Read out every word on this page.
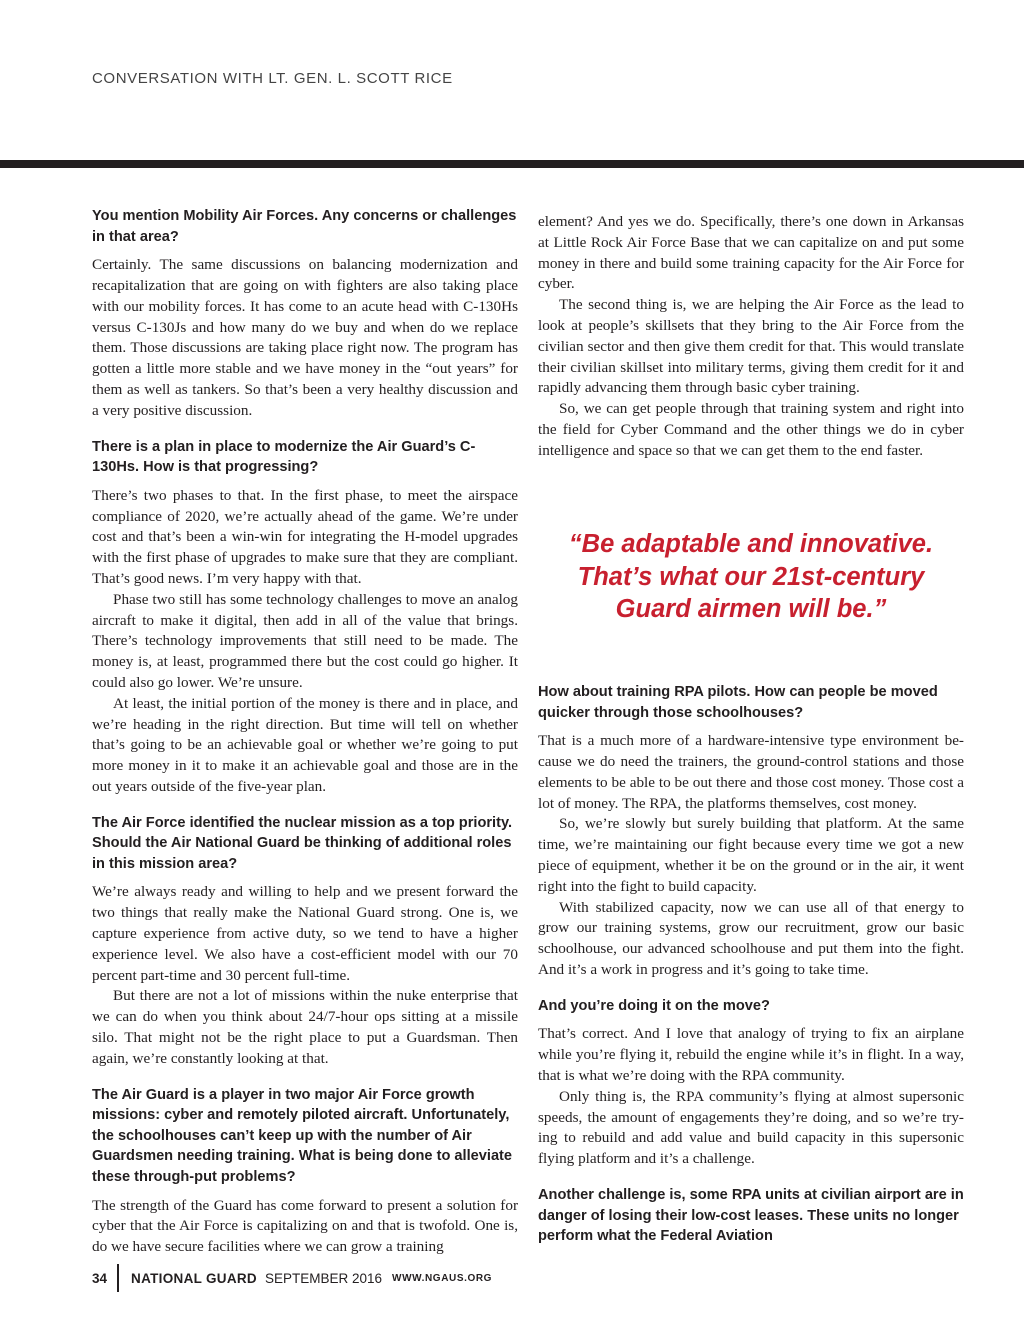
CONVERSATION WITH LT. GEN. L. SCOTT RICE
You mention Mobility Air Forces. Any concerns or challenges in that area?

Certainly. The same discussions on balancing modernization and recapitalization that are going on with fighters are also taking place with our mobility forces. It has come to an acute head with C-130Hs versus C-130Js and how many do we buy and when do we replace them. Those discussions are taking place right now. The program has gotten a little more stable and we have money in the “out years” for them as well as tankers. So that’s been a very healthy discussion and a very positive discussion.

There is a plan in place to modernize the Air Guard’s C-130Hs. How is that progressing?

There’s two phases to that. In the first phase, to meet the airspace compliance of 2020, we’re actually ahead of the game. We’re under cost and that’s been a win-win for integrating the H-model upgrades with the first phase of upgrades to make sure that they are compliant. That’s good news. I’m very happy with that.

Phase two still has some technology challenges to move an analog aircraft to make it digital, then add in all of the value that brings. There’s technology improvements that still need to be made. The money is, at least, programmed there but the cost could go higher. It could also go lower. We’re unsure.

At least, the initial portion of the money is there and in place, and we’re heading in the right direction. But time will tell on whether that’s going to be an achievable goal or whether we’re going to put more money in it to make it an achievable goal and those are in the out years outside of the five-year plan.

The Air Force identified the nuclear mission as a top priority. Should the Air National Guard be thinking of additional roles in this mission area?

We’re always ready and willing to help and we present forward the two things that really make the National Guard strong. One is, we capture experience from active duty, so we tend to have a higher experience level. We also have a cost-efficient model with our 70 percent part-time and 30 percent full-time.

But there are not a lot of missions within the nuke enterprise that we can do when you think about 24/7-hour ops sitting at a missile silo. That might not be the right place to put a Guardsman. Then again, we’re constantly looking at that.

The Air Guard is a player in two major Air Force growth missions: cyber and remotely piloted aircraft. Unfortunately, the schoolhouses can’t keep up with the number of Air Guardsmen needing training. What is being done to alleviate these through-put problems?

The strength of the Guard has come forward to present a solution for cyber that the Air Force is capitalizing on and that is twofold. One is, do we have secure facilities where we can grow a training

element? And yes we do. Specifically, there’s one down in Arkansas at Little Rock Air Force Base that we can capitalize on and put some money in there and build some training capacity for the Air Force for cyber.

The second thing is, we are helping the Air Force as the lead to look at people’s skillsets that they bring to the Air Force from the civilian sector and then give them credit for that. This would translate their civilian skillset into military terms, giving them credit for it and rapidly advancing them through basic cyber training.

So, we can get people through that training system and right into the field for Cyber Command and the other things we do in cyber intelligence and space so that we can get them to the end faster.

“Be adaptable and innovative.
That’s what our 21st-century
Guard airmen will be.”
How about training RPA pilots. How can people be moved quicker through those schoolhouses?

That is a much more of a hardware-intensive type environment be-cause we do need the trainers, the ground-control stations and those elements to be able to be out there and those cost money. Those cost a lot of money. The RPA, the platforms themselves, cost money.

So, we’re slowly but surely building that platform. At the same time, we’re maintaining our fight because every time we got a new piece of equipment, whether it be on the ground or in the air, it went right into the fight to build capacity.

With stabilized capacity, now we can use all of that energy to grow our training systems, grow our recruitment, grow our basic schoolhouse, our advanced schoolhouse and put them into the fight. And it’s a work in progress and it’s going to take time.

And you’re doing it on the move?

That’s correct. And I love that analogy of trying to fix an airplane while you’re flying it, rebuild the engine while it’s in flight. In a way, that is what we’re doing with the RPA community.

Only thing is, the RPA community’s flying at almost supersonic speeds, the amount of engagements they’re doing, and so we’re try-ing to rebuild and add value and build capacity in this supersonic flying platform and it’s a challenge.

Another challenge is, some RPA units at civilian airport are in danger of losing their low-cost leases. These units no longer perform what the Federal Aviation
34 NATIONAL GUARD SEPTEMBER 2016 WWW.NGAUS.ORG
